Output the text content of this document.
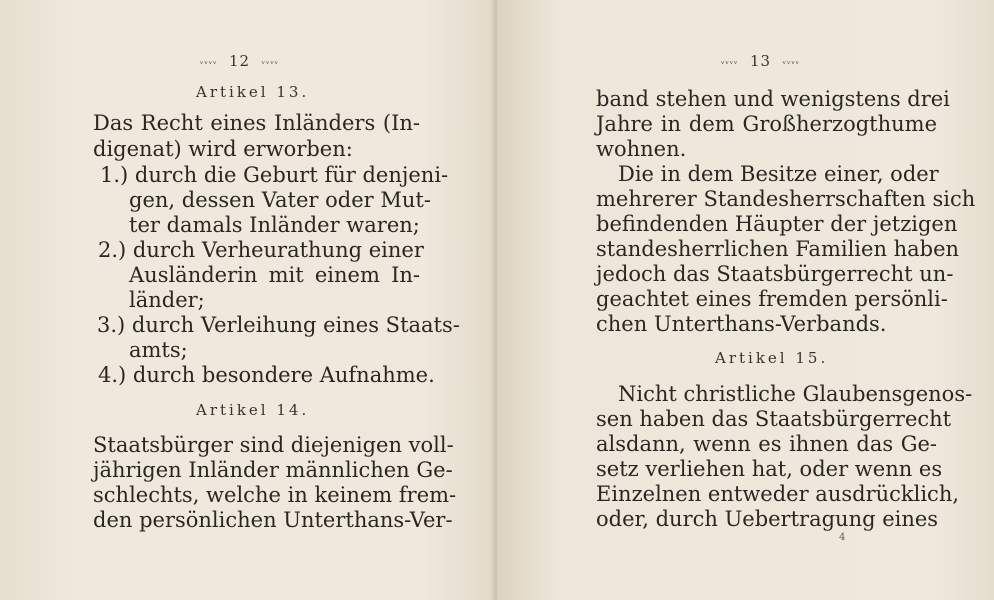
ᵥᵥᵥᵥ 12 ᵥᵥᵥᵥ
Artikel 13.
Das Recht eines Inländers (In-
digenat) wird erworben:
1.) durch die Geburt für denjeni-
gen, dessen Vater oder Mut-
ter damals Inländer waren;
2.) durch Verheurathung einer
Ausländerin mit einem In-
länder;
3.) durch Verleihung eines Staats-
amts;
4.) durch besondere Aufnahme.
Artikel 14.
Staatsbürger sind diejenigen voll-
jährigen Inländer männlichen Ge-
schlechts, welche in keinem frem-
den persönlichen Unterthans-Ver-
ᵥᵥᵥᵥ 13 ᵥᵥᵥᵥ
band stehen und wenigstens drei
Jahre in dem Großherzogthume
wohnen.
Die in dem Besitze einer, oder
mehrerer Standesherrschaften sich
befindenden Häupter der jetzigen
standesherrlichen Familien haben
jedoch das Staatsbürgerrecht un-
geachtet eines fremden persönli-
chen Unterthans-Verbands.
Artikel 15.
Nicht christliche Glaubensgenos-
sen haben das Staatsbürgerrecht
alsdann, wenn es ihnen das Ge-
setz verliehen hat, oder wenn es
Einzelnen entweder ausdrücklich,
oder, durch Uebertragung eines
4
